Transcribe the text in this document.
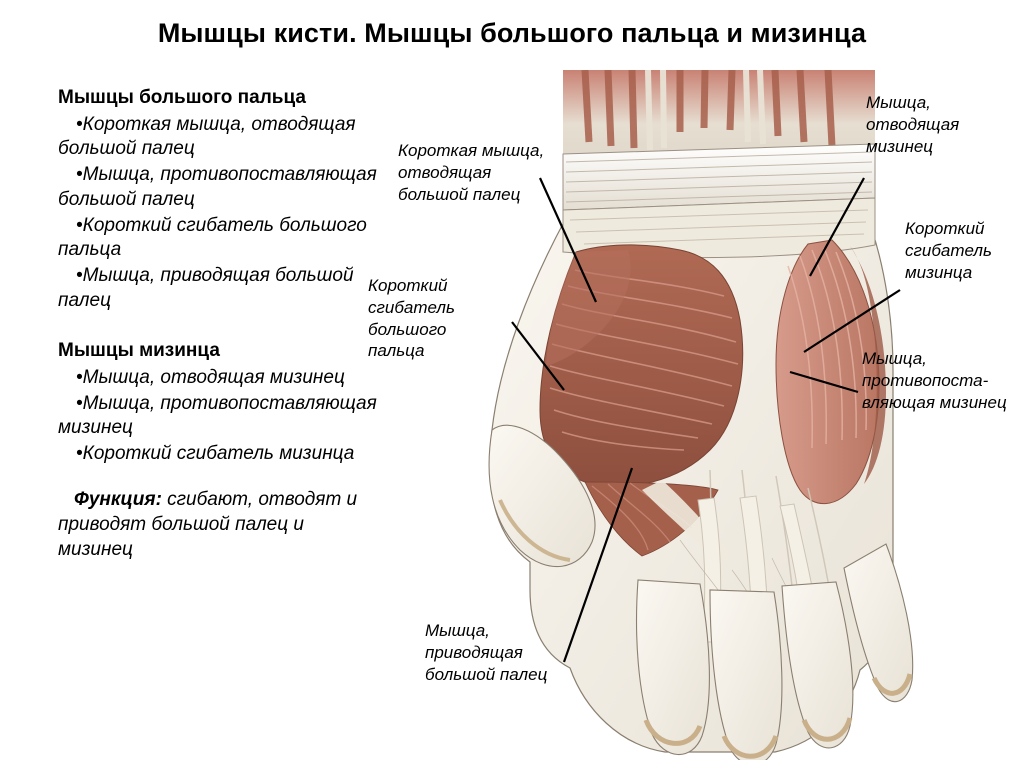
Мышцы кисти. Мышцы большого пальца и мизинца
Мышцы большого пальца
•Короткая мышца, отводящая большой палец
•Мышца, противопоставляющая большой палец
•Короткий сгибатель большого пальца
•Мышца, приводящая большой палец
Мышцы мизинца
•Мышца, отводящая мизинец
•Мышца, противопоставляющая мизинец
•Короткий сгибатель мизинца
Функция: сгибают, отводят и приводят большой палец и мизинец
Короткая мышца, отводящая большой палец
Короткий сгибатель большого пальца
Мышца, приводящая большой палец
Мышца, отводящая мизинец
Короткий сгибатель мизинца
Мышца, противопоста-вляющая мизинец
